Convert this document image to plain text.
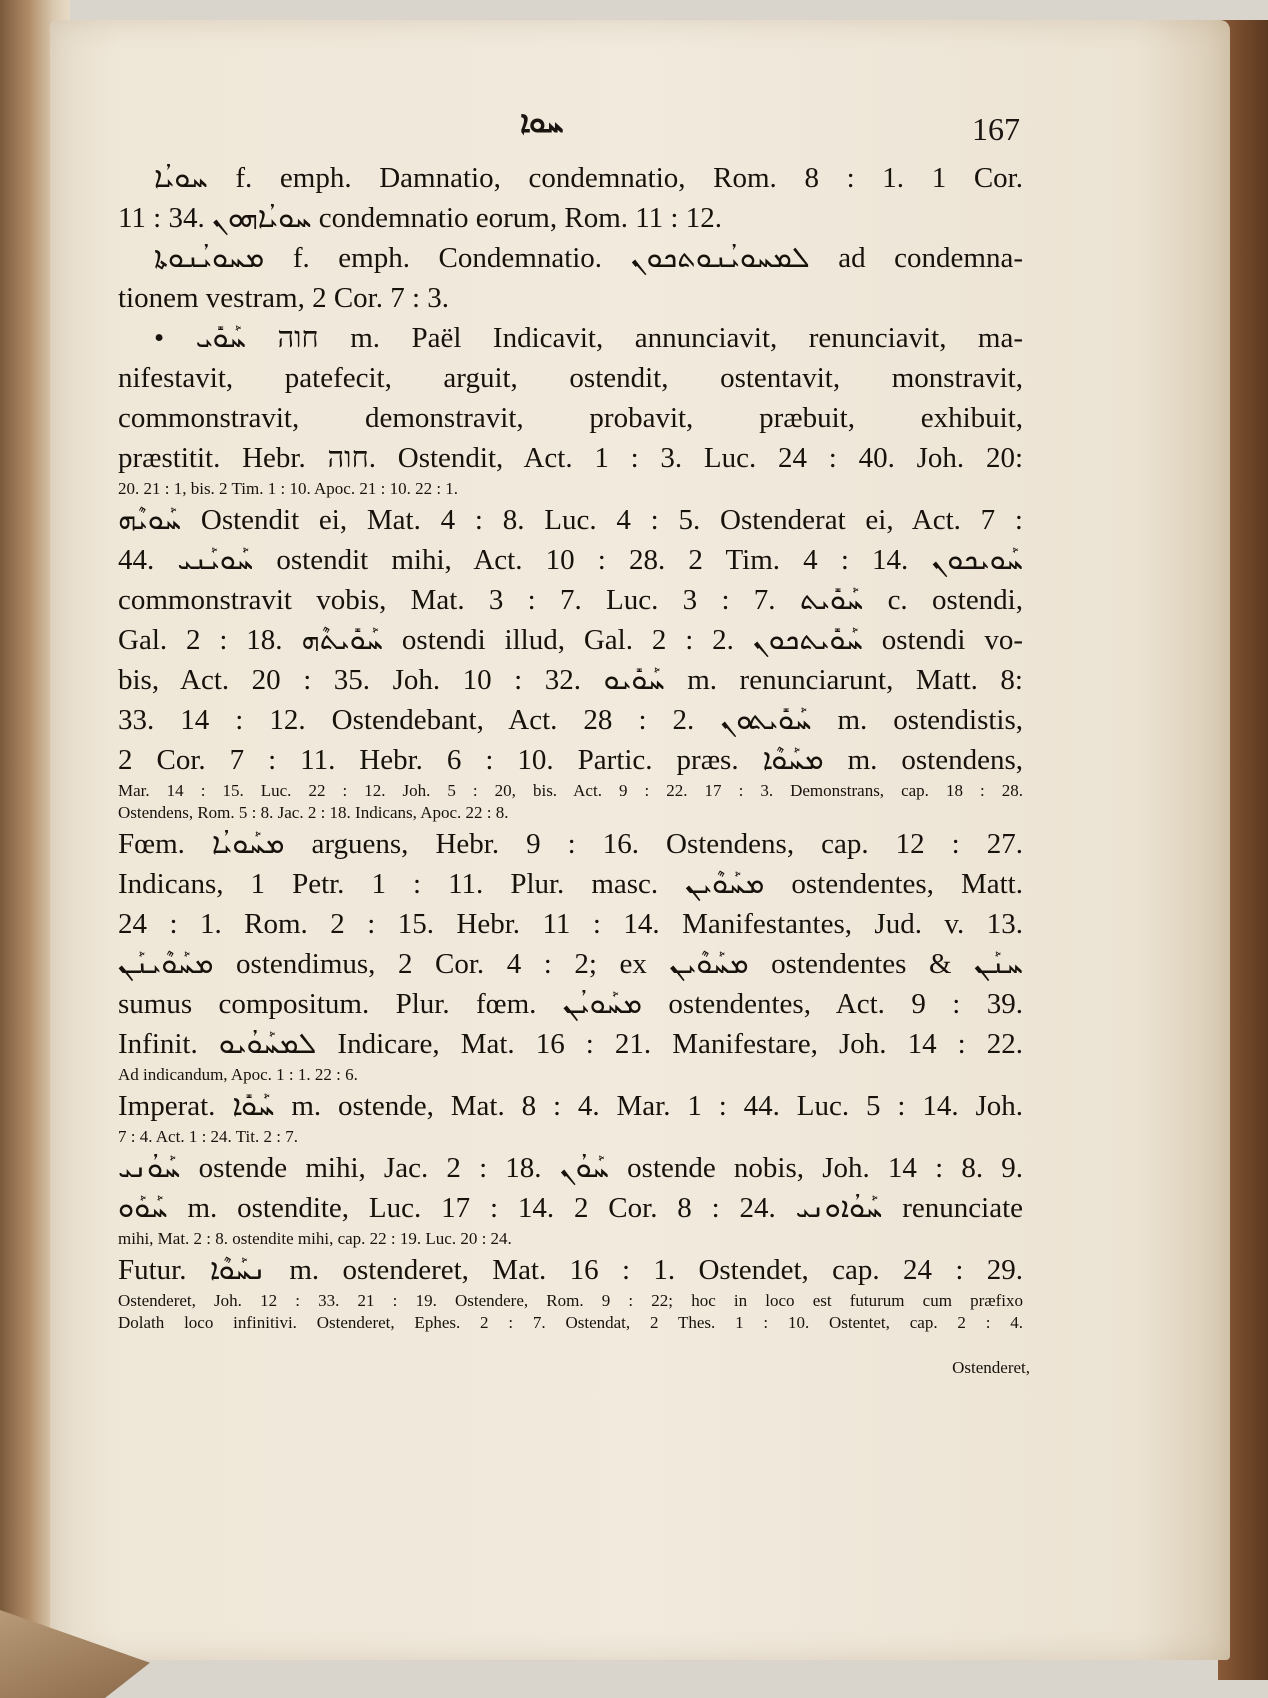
ܚܘܐ	167
ܚܘܝܳܐ f. emph. Damnatio, condemnatio, Rom. 8 : 1. 1 Cor.
11 : 34. ܚܘܝܳܐܗܘܢ condemnatio eorum, Rom. 11 : 12.
ܡܚܘܝܳܢܘܬܐ f. emph. Condemnatio. ܠܡܚܘܝܳܢܘܬܟܘܢ ad condemna-
tionem vestram, 2 Cor. 7 : 3.
• חוה ܚܰܘܺܝ m. Paël Indicavit, annunciavit, renunciavit, ma-
nifestavit, patefecit, arguit, ostendit, ostentavit, monstravit,
commonstravit, demonstravit, probavit, præbuit, exhibuit,
præstitit. Hebr. חוה. Ostendit, Act. 1 : 3. Luc. 24 : 40. Joh. 20:
20. 21 : 1, bis. 2 Tim. 1 : 10. Apoc. 21 : 10. 22 : 1.
ܚܰܘܝܶܗ Ostendit ei, Mat. 4 : 8. Luc. 4 : 5. Ostenderat ei, Act. 7 :
44. ܚܰܘܝܰܢܝ ostendit mihi, Act. 10 : 28. 2 Tim. 4 : 14. ܚܰܘܝܟܘܢ
commonstravit vobis, Mat. 3 : 7. Luc. 3 : 7. ܚܰܘܺܝܬ c. ostendi,
Gal. 2 : 18. ܚܰܘܺܝܬܶܗ ostendi illud, Gal. 2 : 2. ܚܰܘܺܝܬܟܘܢ ostendi vo-
bis, Act. 20 : 35. Joh. 10 : 32. ܚܰܘܺܝܘ m. renunciarunt, Matt. 8:
33. 14 : 12. Ostendebant, Act. 28 : 2. ܚܰܘܺܝܬܘܢ m. ostendistis,
2 Cor. 7 : 11. Hebr. 6 : 10. Partic. præs. ܡܚܰܘܶܐ m. ostendens,
Mar. 14 : 15. Luc. 22 : 12. Joh. 5 : 20, bis. Act. 9 : 22. 17 : 3. Demonstrans, cap. 18 : 28.
Ostendens, Rom. 5 : 8. Jac. 2 : 18. Indicans, Apoc. 22 : 8.
Fœm. ܡܚܰܘܝܳܐ arguens, Hebr. 9 : 16. Ostendens, cap. 12 : 27.
Indicans, 1 Petr. 1 : 11. Plur. masc. ܡܚܰܘܶܝܢ ostendentes, Matt.
24 : 1. Rom. 2 : 15. Hebr. 11 : 14. Manifestantes, Jud. v. 13.
ܡܚܰܘܶܝܢܰܢ ostendimus, 2 Cor. 4 : 2; ex ܡܚܰܘܶܝܢ ostendentes & ܚܢܰܢ
sumus compositum. Plur. fœm. ܡܚܰܘܝܳܢ ostendentes, Act. 9 : 39.
Infinit. ܠܡܚܰܘܳܝܘ Indicare, Mat. 16 : 21. Manifestare, Joh. 14 : 22.
Ad indicandum, Apoc. 1 : 1. 22 : 6.
Imperat. ܚܰܘܺܐ m. ostende, Mat. 8 : 4. Mar. 1 : 44. Luc. 5 : 14. Joh.
7 : 4. Act. 1 : 24. Tit. 2 : 7.
ܚܰܘܳܢܝ ostende mihi, Jac. 2 : 18. ܚܰܘܳܢ ostende nobis, Joh. 14 : 8. 9.
ܚܰܘܰܘ m. ostendite, Luc. 17 : 14. 2 Cor. 8 : 24. ܚܰܘܳܐܘܢܝ renunciate
mihi, Mat. 2 : 8. ostendite mihi, cap. 22 : 19. Luc. 20 : 24.
Futur. ܢܚܰܘܶܐ m. ostenderet, Mat. 16 : 1. Ostendet, cap. 24 : 29.
Ostenderet, Joh. 12 : 33. 21 : 19. Ostendere, Rom. 9 : 22; hoc in loco est futurum cum præfixo
Dolath loco infinitivi. Ostenderet, Ephes. 2 : 7. Ostendat, 2 Thes. 1 : 10. Ostentet, cap. 2 : 4.
Ostenderet,
